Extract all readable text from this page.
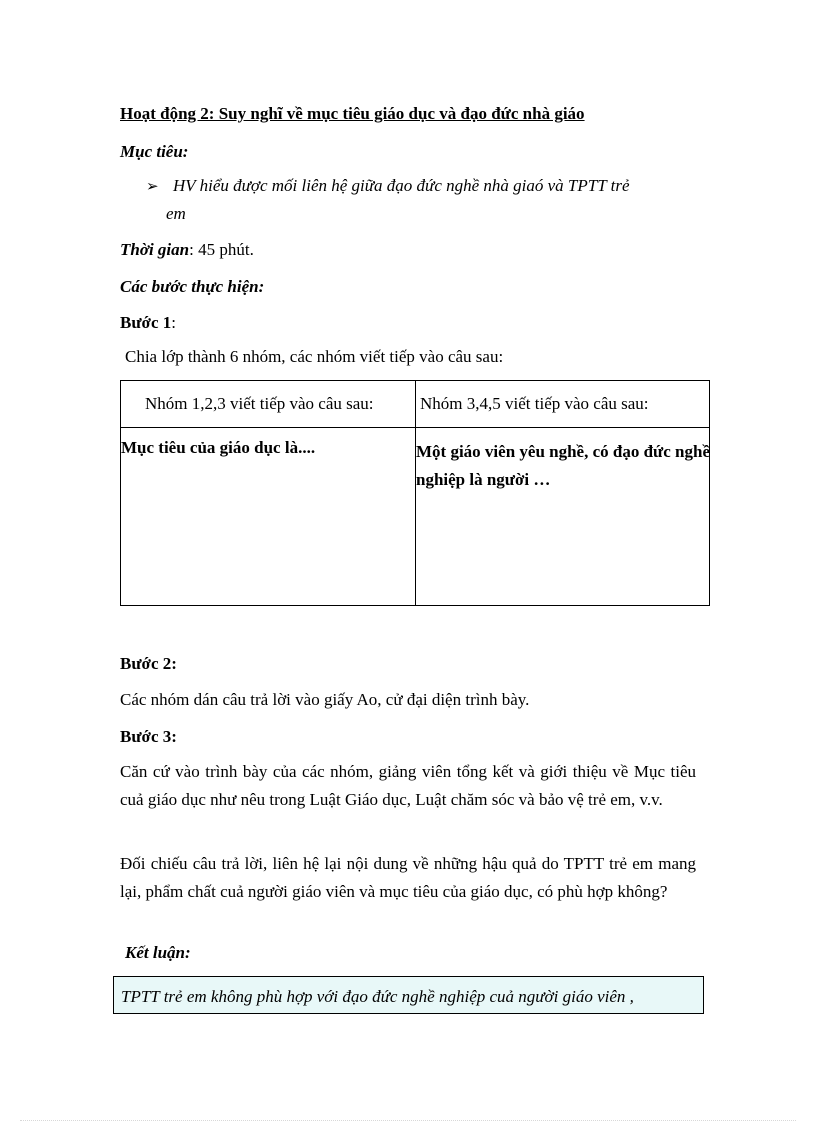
Hoạt động 2: Suy nghĩ về mục tiêu giáo dục và đạo đức nhà giáo
Mục tiêu:
➢ HV hiểu được mối liên hệ giữa đạo đức nghề nhà giaó và TPTT trẻ
em
Thời gian: 45 phút.
Các bước thực hiện:
Bước 1:
Chia lớp thành 6 nhóm, các nhóm viết tiếp vào câu sau:
Nhóm 1,2,3 viết tiếp vào câu sau:	Nhóm 3,4,5 viết tiếp vào câu sau:
Mục tiêu của giáo dục là....	Một giáo viên yêu nghề, có đạo đức nghề nghiệp là người …
Bước 2:
Các nhóm dán câu trả lời vào giấy Ao, cử đại diện trình bày.
Bước 3:
Căn cứ vào trình bày của các nhóm, giảng viên tổng kết và giới thiệu về Mục tiêu cuả giáo dục như nêu trong Luật Giáo dục, Luật chăm sóc và bảo vệ trẻ em, v.v.
Đối chiếu câu trả lời, liên hệ lại nội dung về những hậu quả do TPTT trẻ em mang lại, phẩm chất cuả người giáo viên và mục tiêu của giáo dục, có phù hợp không?
Kết luận:
TPTT trẻ em không phù hợp với đạo đức nghề nghiệp cuả người giáo viên ,
